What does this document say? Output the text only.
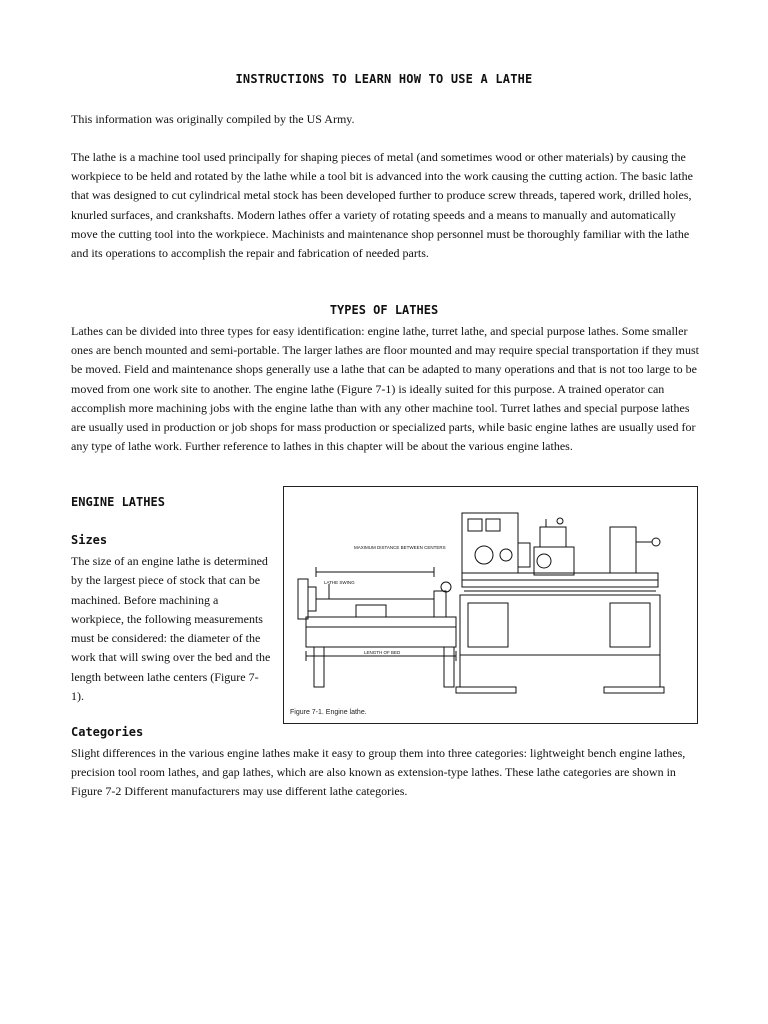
INSTRUCTIONS TO LEARN HOW TO USE A LATHE
This information was originally compiled by the US Army.
The lathe is a machine tool used principally for shaping pieces of metal (and sometimes wood or other materials) by causing the workpiece to be held and rotated by the lathe while a tool bit is advanced into the work causing the cutting action. The basic lathe that was designed to cut cylindrical metal stock has been developed further to produce screw threads, tapered work, drilled holes, knurled surfaces, and crankshafts. Modern lathes offer a variety of rotating speeds and a means to manually and automatically move the cutting tool into the workpiece. Machinists and maintenance shop personnel must be thoroughly familiar with the lathe and its operations to accomplish the repair and fabrication of needed parts.
TYPES OF LATHES
Lathes can be divided into three types for easy identification: engine lathe, turret lathe, and special purpose lathes. Some smaller ones are bench mounted and semi-portable. The larger lathes are floor mounted and may require special transportation if they must be moved. Field and maintenance shops generally use a lathe that can be adapted to many operations and that is not too large to be moved from one work site to another. The engine lathe (Figure 7-1) is ideally suited for this purpose. A trained operator can accomplish more machining jobs with the engine lathe than with any other machine tool. Turret lathes and special purpose lathes are usually used in production or job shops for mass production or specialized parts, while basic engine lathes are usually used for any type of lathe work. Further reference to lathes in this chapter will be about the various engine lathes.
ENGINE LATHES
Sizes
The size of an engine lathe is determined by the largest piece of stock that can be machined. Before machining a workpiece, the following measurements must be considered: the diameter of the work that will swing over the bed and the length between lathe centers (Figure 7-1).
MAXIMUM DISTANCE BETWEEN CENTERS
LATHE SWING
LENGTH OF BED
Figure 7-1. Engine lathe.
Categories
Slight differences in the various engine lathes make it easy to group them into three categories: lightweight bench engine lathes, precision tool room lathes, and gap lathes, which are also known as extension-type lathes. These lathe categories are shown in Figure 7-2 Different manufacturers may use different lathe categories.
